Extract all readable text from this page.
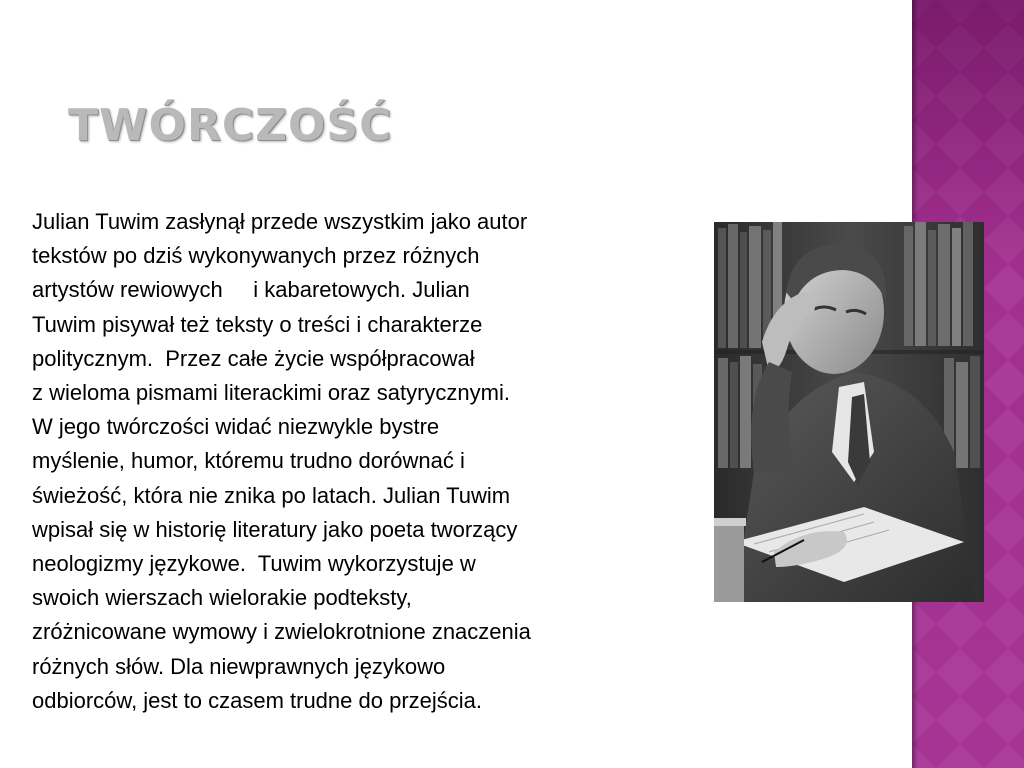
TWÓRCZOŚĆ
Julian Tuwim zasłynął przede wszystkim jako autor
tekstów po dziś wykonywanych przez różnych
artystów rewiowych     i kabaretowych. Julian
Tuwim pisywał też teksty o treści i charakterze
politycznym.  Przez całe życie współpracował
z wieloma pismami literackimi oraz satyrycznymi.
W jego twórczości widać niezwykle bystre
myślenie, humor, któremu trudno dorównać i
świeżość, która nie znika po latach. Julian Tuwim
wpisał się w historię literatury jako poeta tworzący
neologizmy językowe.  Tuwim wykorzystuje w
swoich wierszach wielorakie podteksty,
zróżnicowane wymowy i zwielokrotnione znaczenia
różnych słów. Dla niewprawnych językowo
odbiorców, jest to czasem trudne do przejścia.
